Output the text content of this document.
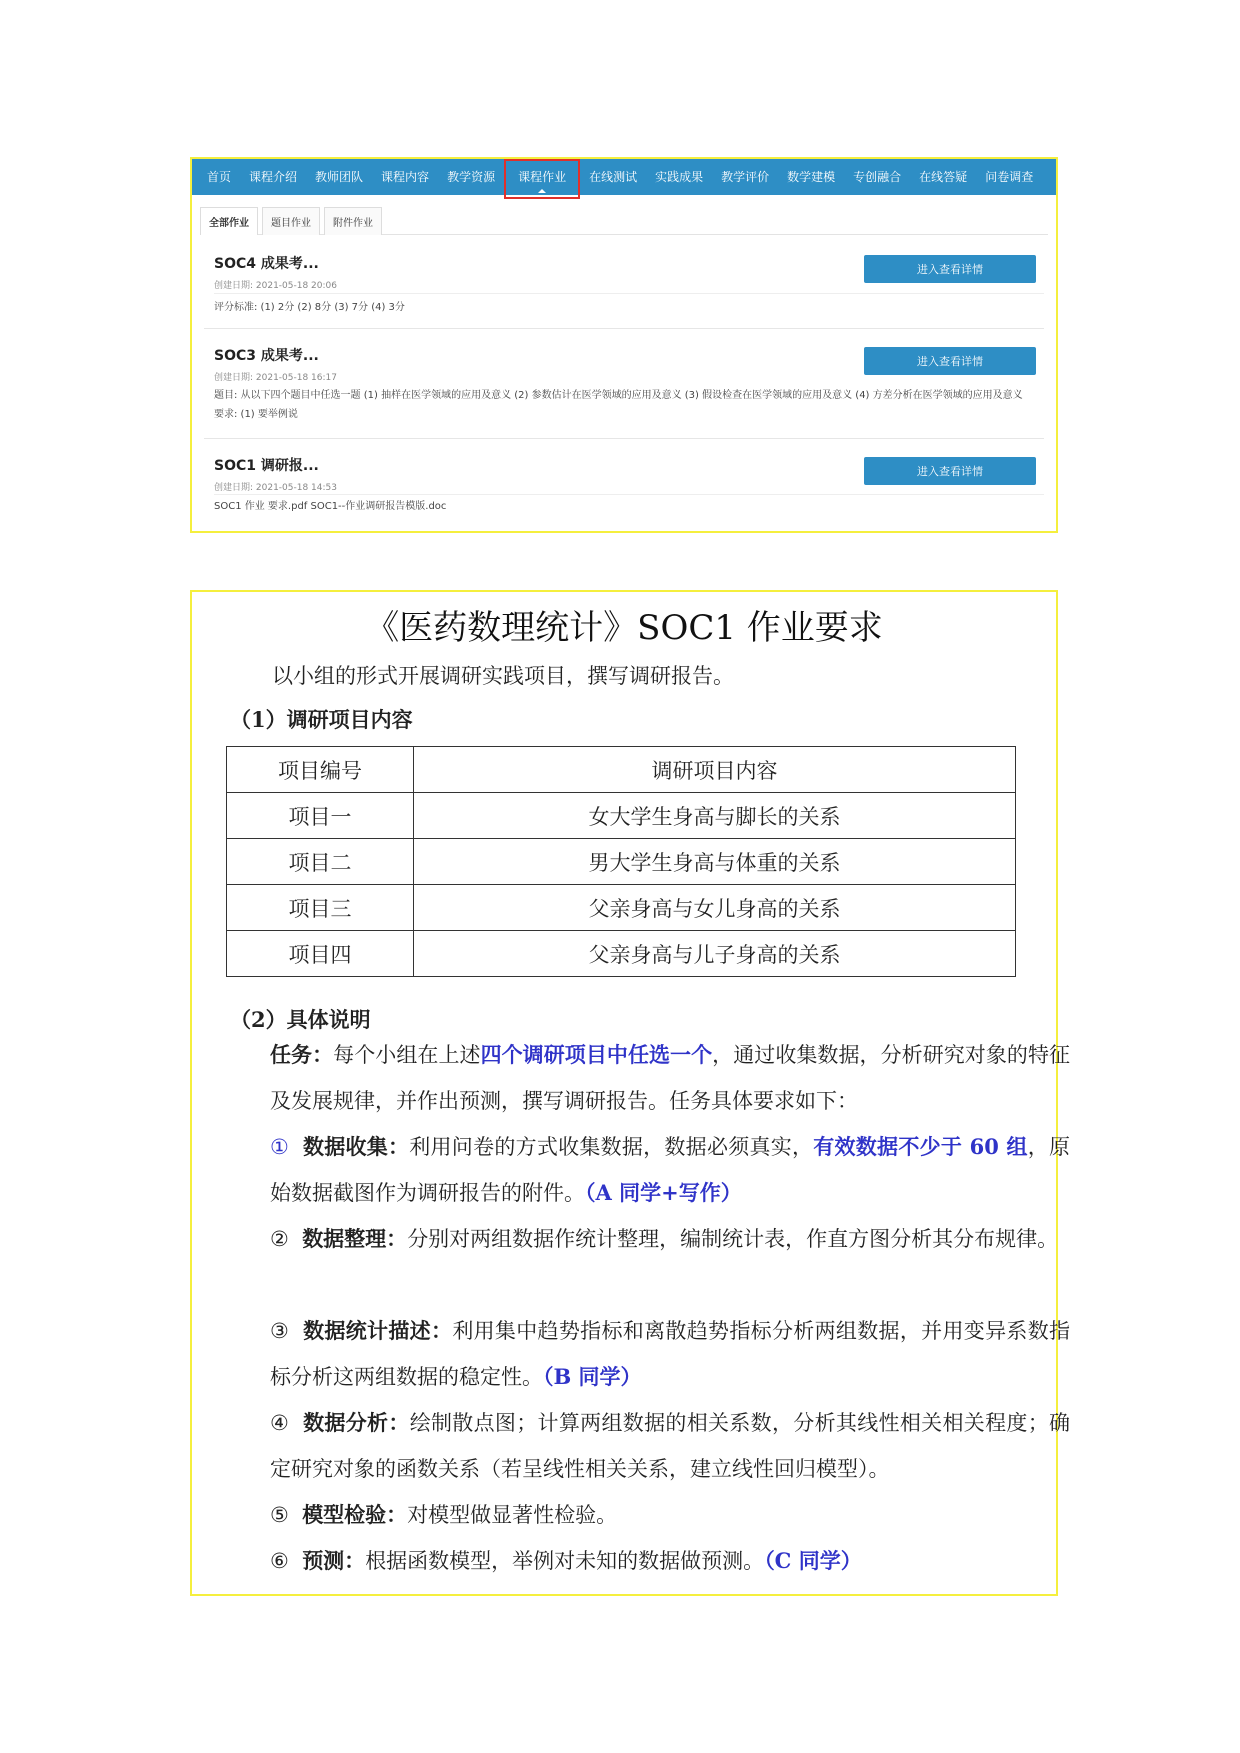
首页	课程介绍	教师团队	课程内容	教学资源	课程作业	在线测试	实践成果	教学评价	数学建模	专创融合	在线答疑	问卷调查
全部作业	题目作业	附件作业
SOC4 成果考...
创建日期: 2021-05-18 20:06
评分标准: (1) 2分 (2) 8分 (3) 7分 (4) 3分
进入查看详情
SOC3 成果考...
创建日期: 2021-05-18 16:17
题目: 从以下四个题目中任选一题 (1) 抽样在医学领域的应用及意义 (2) 参数估计在医学领域的应用及意义 (3) 假设检查在医学领域的应用及意义 (4) 方差分析在医学领域的应用及意义 要求: (1) 要举例说
进入查看详情
SOC1 调研报...
创建日期: 2021-05-18 14:53
SOC1 作业 要求.pdf SOC1--作业调研报告模版.doc
进入查看详情
《医药数理统计》SOC1 作业要求
以小组的形式开展调研实践项目，撰写调研报告。
（1）调研项目内容
项目编号	调研项目内容
项目一	女大学生身高与脚长的关系
项目二	男大学生身高与体重的关系
项目三	父亲身高与女儿身高的关系
项目四	父亲身高与儿子身高的关系
（2）具体说明
任务：每个小组在上述四个调研项目中任选一个，通过收集数据，分析研究对象的特征及发展规律，并作出预测，撰写调研报告。任务具体要求如下：
① 数据收集：利用问卷的方式收集数据，数据必须真实，有效数据不少于 60 组，原始数据截图作为调研报告的附件。（A 同学+写作）
② 数据整理：分别对两组数据作统计整理，编制统计表，作直方图分析其分布规律。
③ 数据统计描述：利用集中趋势指标和离散趋势指标分析两组数据，并用变异系数指标分析这两组数据的稳定性。（B 同学）
④ 数据分析：绘制散点图；计算两组数据的相关系数，分析其线性相关相关程度；确定研究对象的函数关系（若呈线性相关关系，建立线性回归模型）。
⑤ 模型检验：对模型做显著性检验。
⑥ 预测：根据函数模型，举例对未知的数据做预测。（C 同学）
